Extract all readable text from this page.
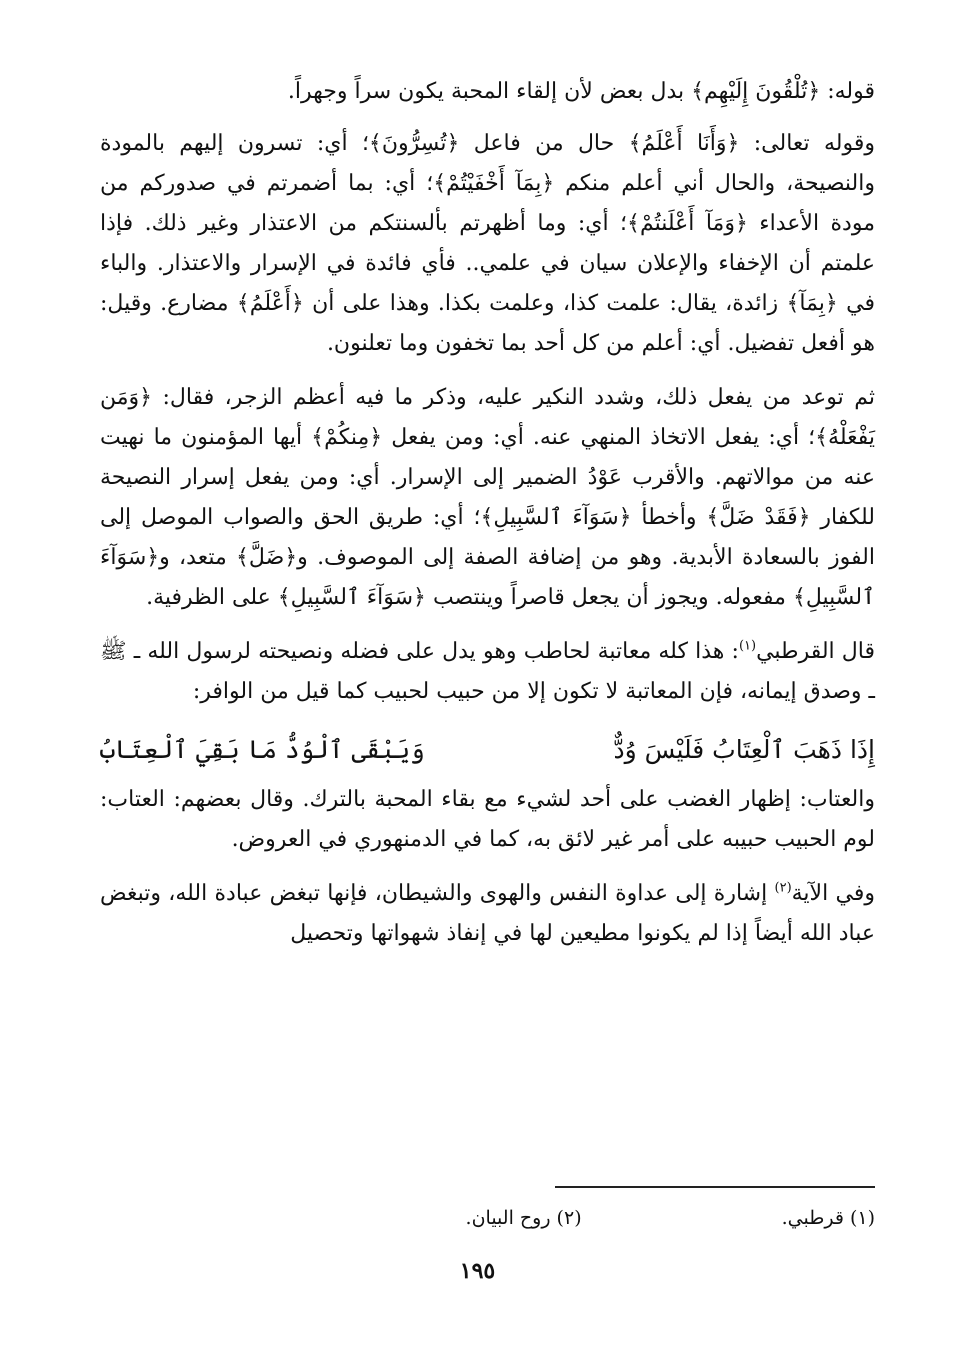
قوله: ﴿تُلْقُونَ إِلَيْهِم﴾ بدل بعض لأن إلقاء المحبة يكون سراً وجهراً.

وقوله تعالى: ﴿وَأَنَا أَعْلَمُ﴾ حال من فاعل ﴿تُسِرُّونَ﴾؛ أي: تسرون إليهم بالمودة والنصيحة، والحال أني أعلم منكم ﴿بِمَآ أَخْفَيْتُمْ﴾؛ أي: بما أضمرتم في صدوركم من مودة الأعداء ﴿وَمَآ أَعْلَنتُمْ﴾؛ أي: وما أظهرتم بألسنتكم من الاعتذار وغير ذلك. فإذا علمتم أن الإخفاء والإعلان سيان في علمي.. فأي فائدة في الإسرار والاعتذار. والباء في ﴿بِمَآ﴾ زائدة، يقال: علمت كذا، وعلمت بكذا. وهذا على أن ﴿أَعْلَمُ﴾ مضارع. وقيل: هو أفعل تفضيل. أي: أعلم من كل أحد بما تخفون وما تعلنون.

ثم توعد من يفعل ذلك، وشدد النكير عليه، وذكر ما فيه أعظم الزجر، فقال: ﴿وَمَن يَفْعَلْهُ﴾؛ أي: يفعل الاتخاذ المنهي عنه. أي: ومن يفعل ﴿مِنكُمْ﴾ أيها المؤمنون ما نهيت عنه من موالاتهم. والأقرب عَوْدُ الضمير إلى الإسرار. أي: ومن يفعل إسرار النصيحة للكفار ﴿فَقَدْ ضَلَّ﴾ وأخطأ ﴿سَوَآءَ ٱلسَّبِيلِ﴾؛ أي: طريق الحق والصواب الموصل إلى الفوز بالسعادة الأبدية. وهو من إضافة الصفة إلى الموصوف. و﴿ضَلَّ﴾ متعد، و﴿سَوَآءَ ٱلسَّبِيلِ﴾ مفعوله. ويجوز أن يجعل قاصراً وينتصب ﴿سَوَآءَ ٱلسَّبِيلِ﴾ على الظرفية.

قال القرطبي$^{(١)}$: هذا كله معاتبة لحاطب وهو يدل على فضله ونصيحته لرسول الله ـ ﷺ ـ وصدق إيمانه، فإن المعاتبة لا تكون إلا من حبيب لحبيب كما قيل من الوافر:

إِذَا ذَهَبَ ٱلْعِتَابُ فَلَيْسَ وُدٌّ
وَيَبْقَى ٱلْوُدُّ مَا بَقِيَ ٱلْعِتَابُ

والعتاب: إظهار الغضب على أحد لشيء مع بقاء المحبة بالترك. وقال بعضهم: العتاب: لوم الحبيب حبيبه على أمر غير لائق به، كما في الدمنهوري في العروض.

وفي الآية$^{(٢)}$ إشارة إلى عداوة النفس والهوى والشيطان، فإنها تبغض عبادة الله، وتبغض عباد الله أيضاً إذا لم يكونوا مطيعين لها في إنفاذ شهواتها وتحصيل

(١) قرطبي.
(٢) روح البيان.
١٩٥
